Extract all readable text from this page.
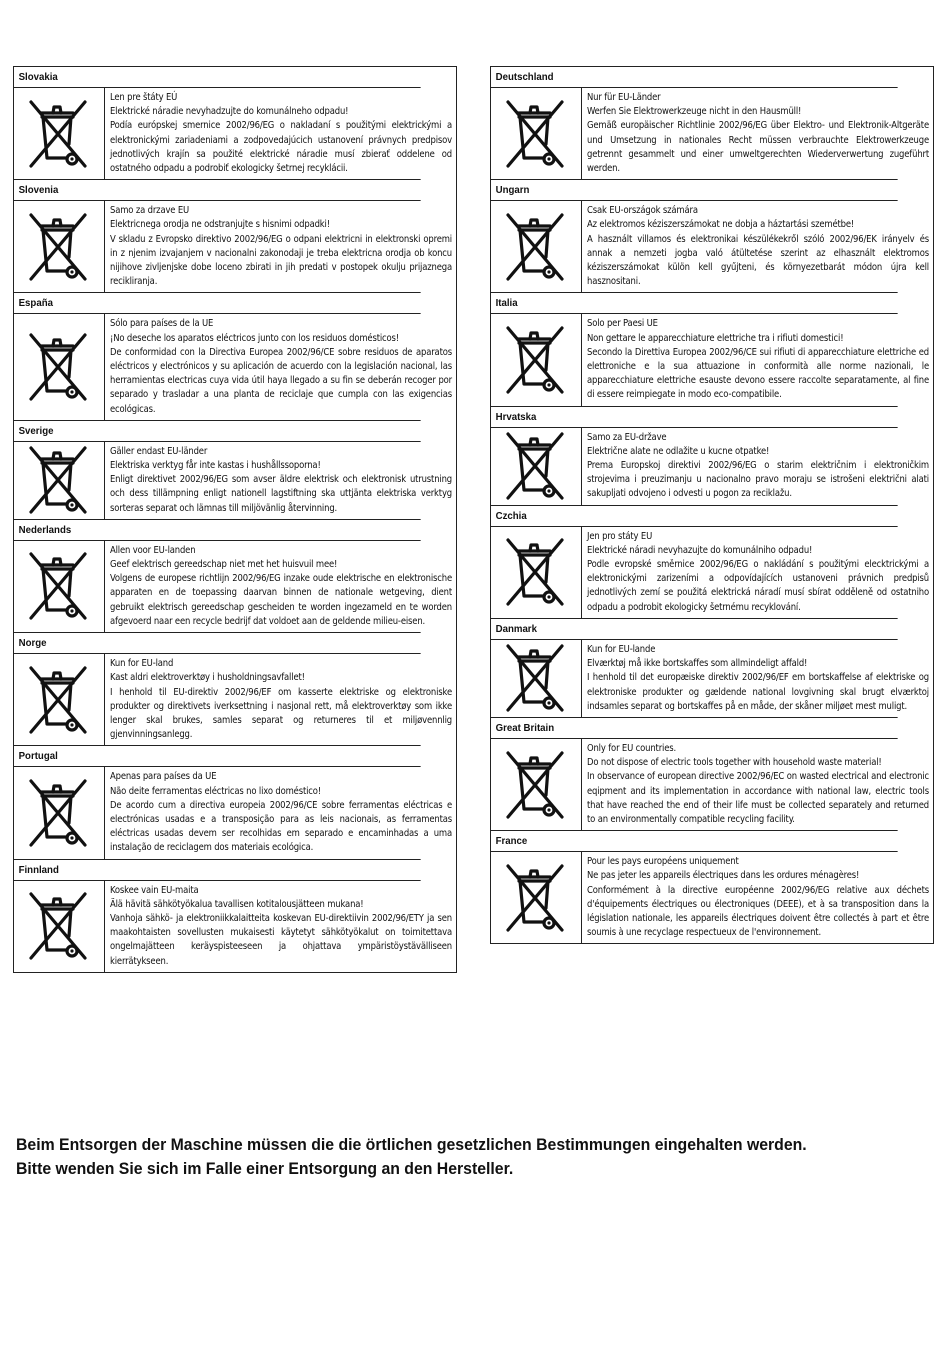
Slovakia
Len pre štáty EÚ
Elektrické náradie nevyhadzujte do komunálneho odpadu!
Podía európskej smernice 2002/96/EG o nakladaní s použitými elektrickými a elektronickými zariadeniami a zodpovedajúcich ustanovení právnych predpisov jednotlivých krajín sa použité elektrické náradie musí zbierať oddelene od ostatného odpadu a podrobiť ekologicky šetrnej recyklácii.
Slovenia
Samo za drzave EU
Elektricnega orodja ne odstranjujte s hisnimi odpadki!
V skladu z Evropsko direktivo 2002/96/EG o odpani elektricni in elektronski opremi in z njenim izvajanjem v nacionalni zakonodaji je treba elektricna orodja ob koncu nijihove zivljenjske dobe loceno zbirati in jih predati v postopek okulju prijaznega recikliranja.
España
Sólo para países de la UE
¡No deseche los aparatos eléctricos junto con los residuos domésticos!
De conformidad con la Directiva Europea 2002/96/CE sobre residuos de aparatos eléctricos y electrónicos y su aplicación de acuerdo con la legislación nacional, las herramientas electricas cuya vida útil haya llegado a su fin se deberán recoger por separado y trasladar a una planta de reciclaje que cumpla con las exigencias ecológicas.
Sverige
Gäller endast EU-länder
Elektriska verktyg får inte kastas i hushållssoporna!
Enligt direktivet 2002/96/EG som avser äldre elektrisk och elektronisk utrustning och dess tillämpning enligt nationell lagstiftning ska uttjänta elektriska verktyg sorteras separat och lämnas till miljövänlig återvinning.
Nederlands
Allen voor EU-landen
Geef elektrisch gereedschap niet met het huisvuil mee!
Volgens de europese richtlijn 2002/96/EG inzake oude elektrische en elektronische apparaten en de toepassing daarvan binnen de nationale wetgeving, dient gebruikt elektrisch gereedschap gescheiden te worden ingezameld en te worden afgevoerd naar een recycle bedrijf dat voldoet aan de geldende milieu-eisen.
Norge
Kun for EU-land
Kast aldri elektroverktøy i husholdningsavfallet!
I henhold til EU-direktiv 2002/96/EF om kasserte elektriske og elektroniske produkter og direktivets iverksettning i nasjonal rett, må elektroverktøy som ikke lenger skal brukes, samles separat og returneres til et miljøvennlig gjenvinningsanlegg.
Portugal
Apenas para países da UE
Não deite ferramentas eléctricas no lixo doméstico!
De acordo cum a directiva europeia 2002/96/CE sobre ferramentas eléctricas e electrónicas usadas e a transposição para as leis nacionais, as ferramentas eléctricas usadas devem ser recolhidas em separado e encaminhadas a uma instalação de reciclagem dos materiais ecológica.
Finnland
Koskee vain EU-maita
Älä hävitä sähkötyökalua tavallisen kotitalousjätteen mukana!
Vanhoja sähkö- ja elektroniikkalaitteita koskevan EU-direktiivin 2002/96/ETY ja sen maakohtaisten sovellusten mukaisesti käytetyt sähkötyökalut on toimitettava ongelmajätteen keräyspisteeseen ja ohjattava ympäristöystävälliseen kierrätykseen.
Deutschland
Nur für EU-Länder
Werfen Sie Elektrowerkzeuge nicht in den Hausmüll!
Gemäß europäischer Richtlinie 2002/96/EG über Elektro- und Elektronik-Altgeräte und Umsetzung in nationales Recht müssen verbrauchte Elektrowerkzeuge getrennt gesammelt und einer umweltgerechten Wiederverwertung zugeführt werden.
Ungarn
Csak EU-országok számára
Az elektromos kéziszerszámokat ne dobja a háztartási szemétbe!
A használt villamos és elektronikai készülékekről szóló 2002/96/EK irányelv és annak a nemzeti jogba való átültetése szerint az elhasznált elektromos kéziszerszámokat külön kell gyűjteni, és környezetbarát módon újra kell hasznositani.
Italia
Solo per Paesi UE
Non gettare le apparecchiature elettriche tra i rifiuti domestici!
Secondo la Direttiva Europea 2002/96/CE sui rifiuti di apparecchiature elettriche ed elettroniche e la sua attuazione in conformità alle norme nazionali, le apparecchiature elettriche esauste devono essere raccolte separatamente, al fine di essere reimpiegate in modo eco-compatibile.
Hrvatska
Samo za EU-države
Električne alate ne odlažite u kucne otpatke!
Prema Europskoj direktivi 2002/96/EG o starim električnim i elektroničkim strojevima i preuzimanju u nacionalno pravo moraju se istrošeni električni alati sakupljati odvojeno i odvesti u pogon za reciklažu.
Czchia
Jen pro státy EU
Elektrické náradi nevyhazujte do komunálniho odpadu!
Podle evropské směrnice 2002/96/EG o nakládání s použitými elecktrickými a elektronickými zarizeními a odpovídajících ustanoveni právnich predpisů jednotlivých zemí se použitá elektrická náradí musí sbírat odděleně od ostatniho odpadu a podrobit ekologicky šetrnému recyklování.
Danmark
Kun for EU-lande
Elværktøj må ikke bortskaffes som allmindeligt affald!
I henhold til det europæiske direktiv 2002/96/EF em bortskaffelse af elektriske og elektroniske produkter og gældende national lovgivning skal brugt elværktoj indsamles separat og bortskaffes på en måde, der skåner miljøet mest muligt.
Great Britain
Only for EU countries.
Do not dispose of electric tools together with household waste material!
In observance of european directive 2002/96/EC on wasted electrical and electronic eqipment and its implementation in accordance with national law, electric tools that have reached the end of their life must be collected separately and returned to an environmentally compatible recycling facility.
France
Pour les pays européens uniquement
Ne pas jeter les appareils électriques dans les ordures ménagères!
Conformément à la directive européenne 2002/96/EG relative aux déchets d'équipements électriques ou électroniques (DEEE), et à sa transposition dans la législation nationale, les appareils électriques doivent être collectés à part et être soumis à une recyclage respectueux de l'environnement.
Beim Entsorgen der Maschine müssen die die örtlichen gesetzlichen Bestimmungen eingehalten werden.
Bitte wenden Sie sich im Falle einer Entsorgung an den Hersteller.
